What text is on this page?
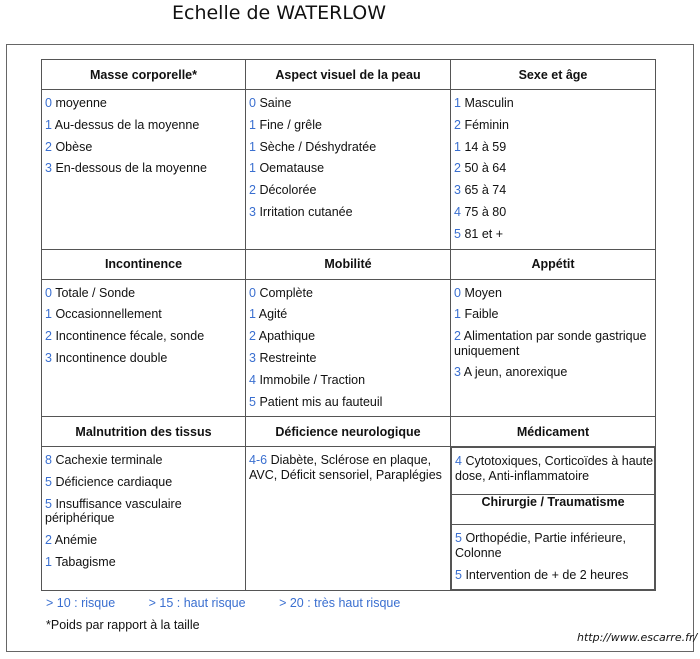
Echelle de WATERLOW
Masse corporelle*	Aspect visuel de la peau	Sexe et âge

0 moyenne
1 Au-dessus de la moyenne
2 Obèse
3 En-dessous de la moyenne

0 Saine
1 Fine / grêle
1 Sèche / Déshydratée
1 Oematause
2 Décolorée
3 Irritation cutanée

1 Masculin
2 Féminin
1 14 à 59
2 50 à 64
3 65 à 74
4 75 à 80
5 81 et +

Incontinence	Mobilité	Appétit

0 Totale / Sonde
1 Occasionnellement
2 Incontinence fécale, sonde
3 Incontinence double

0 Complète
1 Agité
2 Apathique
3 Restreinte
4 Immobile / Traction
5 Patient mis au fauteuil

0 Moyen
1 Faible
2 Alimentation par sonde gastrique uniquement
3 A jeun, anorexique

Malnutrition des tissus	Déficience neurologique	Médicament

8 Cachexie terminale
5 Déficience cardiaque
5 Insuffisance vasculaire périphérique
2 Anémie
1 Tabagisme

4-6 Diabète, Sclérose en plaque, AVC, Déficit sensoriel, Paraplégies

4 Cytotoxiques, Corticoïdes à haute dose, Anti-inflammatoire

Chirurgie / Traumatisme

5 Orthopédie, Partie inférieure, Colonne
5 Intervention de + de 2 heures
> 10 : risque	> 15 : haut risque	> 20 : très haut risque
*Poids par rapport à la taille
http://www.escarre.fr/
